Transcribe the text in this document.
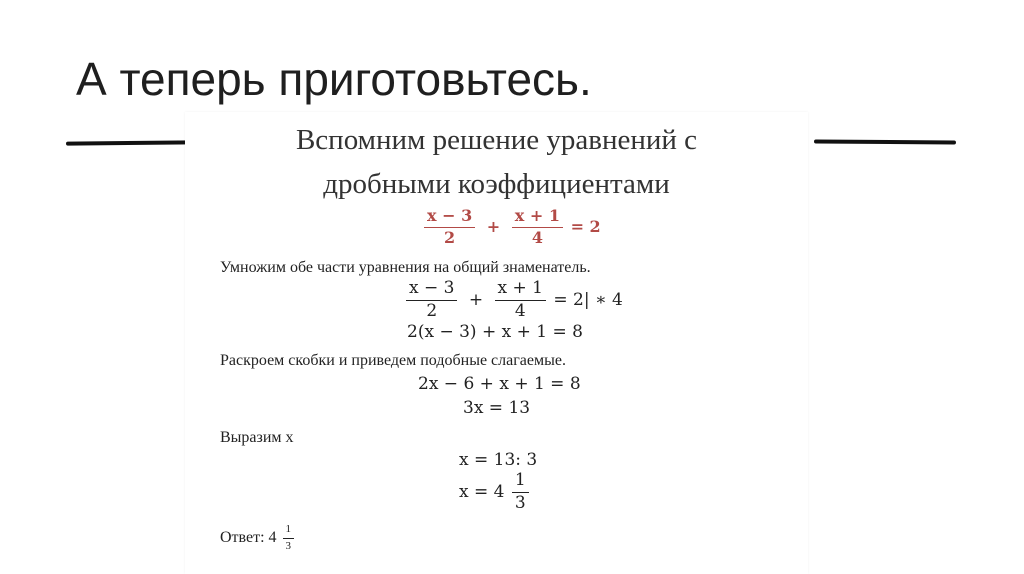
А теперь приготовьтесь.
Вспомним решение уравнений с
дробными коэффициентами
$\frac{x - 3}{2} + \frac{x + 1}{4} = 2$
Умножим обе части уравнения на общий знаменатель.
$\frac{x - 3}{2} + \frac{x + 1}{4} = 2|$ ∗ 4
2(x − 3) + x + 1 = 8
Раскроем скобки и приведем подобные слагаемые.
2x − 6 + x + 1 = 8
3x = 13
Выразим x
x = 13: 3
$x = 4 \frac{1}{3}$
Ответ: $4 \frac{1}{3}$
